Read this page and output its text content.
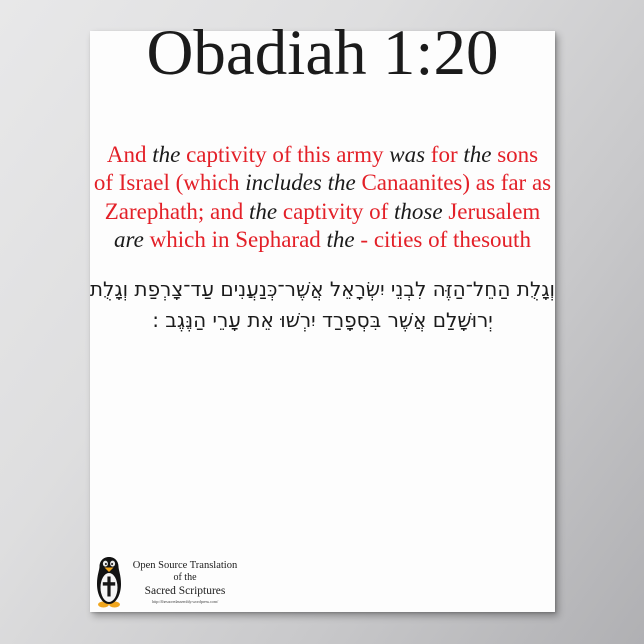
Obadiah 1:20
And the captivity of this army was for the sons
of Israel (which includes the Canaanites) as far as
Zarephath; and the captivity of those Jerusalem
are which in Sepharad the - cities of thesouth
וְגָלֻת הַחֵל־הַזֶּה לִבְנֵי יִשְׂרָאֵל אֲשֶׁר־כְּנַעֲנִים עַד־צָרְפַת וְגָלֻת
יְרוּשָׁלִַם אֲשֶׁר בִּסְפָרַד יִרְשׁוּ אֵת עָרֵי הַנֶּגֶב :
Open Source Translation
of the
Sacred Scriptures
http://thesacredassembly.wordpress.com/
